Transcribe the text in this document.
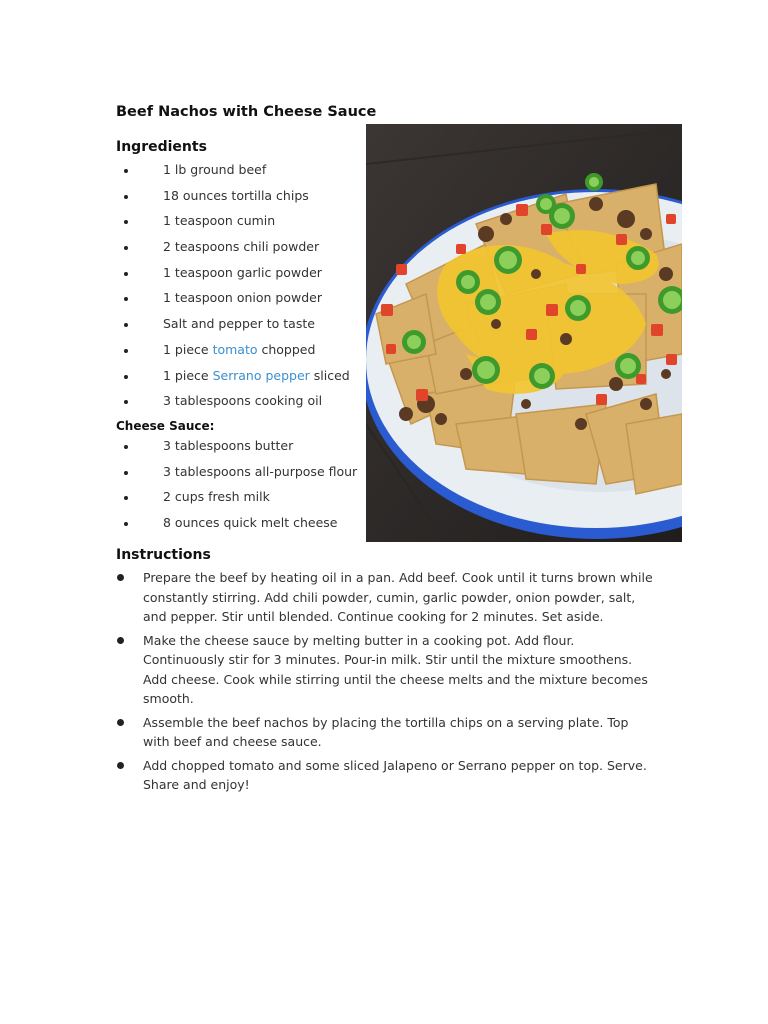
Beef Nachos with Cheese Sauce
Ingredients
1 lb ground beef
18 ounces tortilla chips
1 teaspoon cumin
2 teaspoons chili powder
1 teaspoon garlic powder
1 teaspoon onion powder
Salt and pepper to taste
1 piece tomato chopped
1 piece Serrano pepper sliced
3 tablespoons cooking oil
Cheese Sauce:
3 tablespoons butter
3 tablespoons all-purpose flour
2 cups fresh milk
8 ounces quick melt cheese
Instructions
Prepare the beef by heating oil in a pan. Add beef. Cook until it turns brown while constantly stirring. Add chili powder, cumin, garlic powder, onion powder, salt, and pepper. Stir until blended. Continue cooking for 2 minutes. Set aside.
Make the cheese sauce by melting butter in a cooking pot. Add flour. Continuously stir for 3 minutes. Pour-in milk. Stir until the mixture smoothens. Add cheese. Cook while stirring until the cheese melts and the mixture becomes smooth.
Assemble the beef nachos by placing the tortilla chips on a serving plate. Top with beef and cheese sauce.
Add chopped tomato and some sliced Jalapeno or Serrano pepper on top. Serve. Share and enjoy!
